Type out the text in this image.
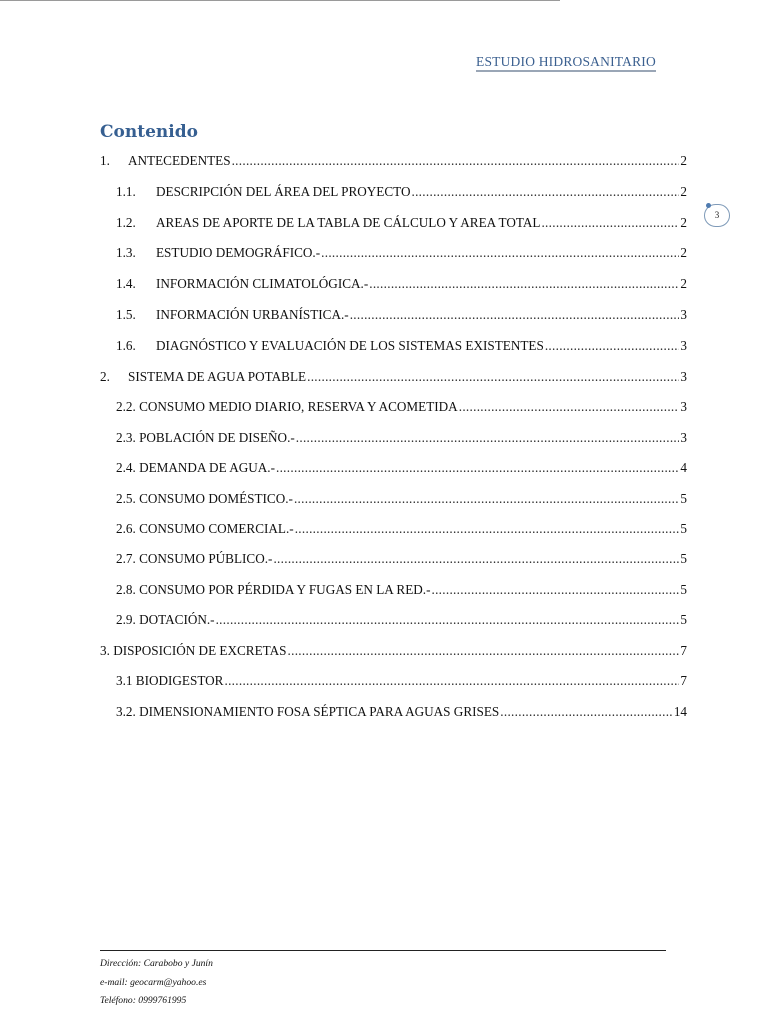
ESTUDIO HIDROSANITARIO
3
Contenido
1.	ANTECEDENTES .....	2
1.1.	DESCRIPCIÓN DEL ÁREA DEL PROYECTO .....	2
1.2.	AREAS DE APORTE DE LA TABLA DE CÁLCULO Y AREA TOTAL .....	2
1.3.	ESTUDIO DEMOGRÁFICO.- .....	2
1.4.	INFORMACIÓN CLIMATOLÓGICA.- .....	2
1.5.	INFORMACIÓN URBANÍSTICA.- .....	3
1.6.	DIAGNÓSTICO Y EVALUACIÓN DE LOS SISTEMAS EXISTENTES .....	3
2.	SISTEMA DE AGUA POTABLE .....	3
2.2. CONSUMO MEDIO DIARIO, RESERVA Y ACOMETIDA .....	3
2.3. POBLACIÓN DE DISEÑO.- .....	3
2.4. DEMANDA DE AGUA.- .....	4
2.5. CONSUMO DOMÉSTICO.- .....	5
2.6. CONSUMO COMERCIAL.- .....	5
2.7. CONSUMO PÚBLICO.- .....	5
2.8. CONSUMO POR PÉRDIDA Y FUGAS EN LA RED.- .....	5
2.9. DOTACIÓN.- .....	5
3. DISPOSICIÓN DE EXCRETAS .....	7
3.1 BIODIGESTOR .....	7
3.2. DIMENSIONAMIENTO FOSA SÉPTICA PARA AGUAS GRISES .....	14
Dirección: Carabobo y Junín
e-mail: geocarm@yahoo.es
Teléfono: 0999761995
